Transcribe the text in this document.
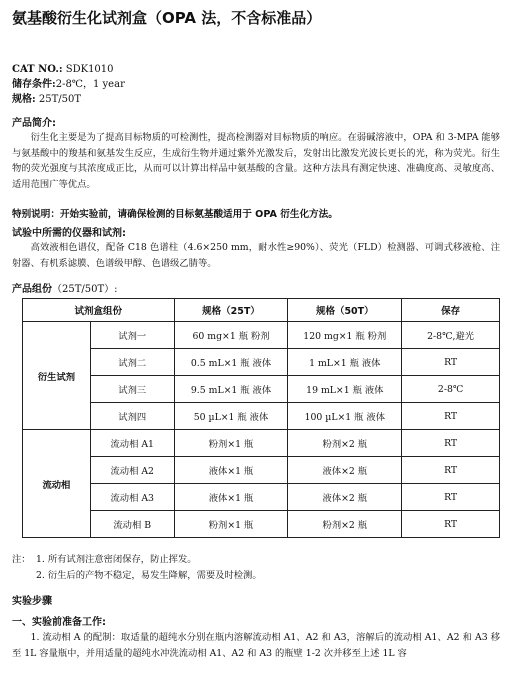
氨基酸衍生化试剂盒（OPA 法，不含标准品）
CAT NO.: SDK1010
储存条件:2-8℃，1 year
规格: 25T/50T
产品简介:
衍生化主要是为了提高目标物质的可检测性，提高检测器对目标物质的响应。在弱碱溶液中，OPA 和 3-MPA 能够与氨基酸中的羧基和氨基发生反应，生成衍生物并通过紫外光激发后，发射出比激发光波长更长的光，称为荧光。衍生物的荧光强度与其浓度成正比，从而可以计算出样品中氨基酸的含量。这种方法具有测定快速、准确度高、灵敏度高、适用范围广等优点。
特别说明：开始实验前，请确保检测的目标氨基酸适用于 OPA 衍生化方法。
试验中所需的仪器和试剂:
高效液相色谱仪，配备 C18 色谱柱（4.6×250 mm，耐水性≥90%）、荧光（FLD）检测器、可调式移液枪、注射器、有机系滤膜、色谱级甲醇、色谱级乙腈等。
产品组份（25T/50T）:
试剂盒组份		规格（25T）	规格（50T）	保存
衍生试剂	试剂一	60 mg×1 瓶 粉剂	120 mg×1 瓶 粉剂	2-8℃,避光
	试剂二	0.5 mL×1 瓶 液体	1 mL×1 瓶 液体	RT
	试剂三	9.5 mL×1 瓶 液体	19 mL×1 瓶 液体	2-8℃
	试剂四	50 µL×1 瓶 液体	100 µL×1 瓶 液体	RT
流动相	流动相 A1	粉剂×1 瓶	粉剂×2 瓶	RT
	流动相 A2	液体×1 瓶	液体×2 瓶	RT
	流动相 A3	液体×1 瓶	液体×2 瓶	RT
	流动相 B	粉剂×1 瓶	粉剂×2 瓶	RT
注： 1. 所有试剂注意密闭保存，防止挥发。
2. 衍生后的产物不稳定，易发生降解，需要及时检测。
实验步骤
一、实验前准备工作:
1. 流动相 A 的配制：取适量的超纯水分别在瓶内溶解流动相 A1、A2 和 A3，溶解后的流动相 A1、A2 和 A3 移至 1L 容量瓶中，并用适量的超纯水冲洗流动相 A1、A2 和 A3 的瓶壁 1-2 次并移至上述 1L 容
